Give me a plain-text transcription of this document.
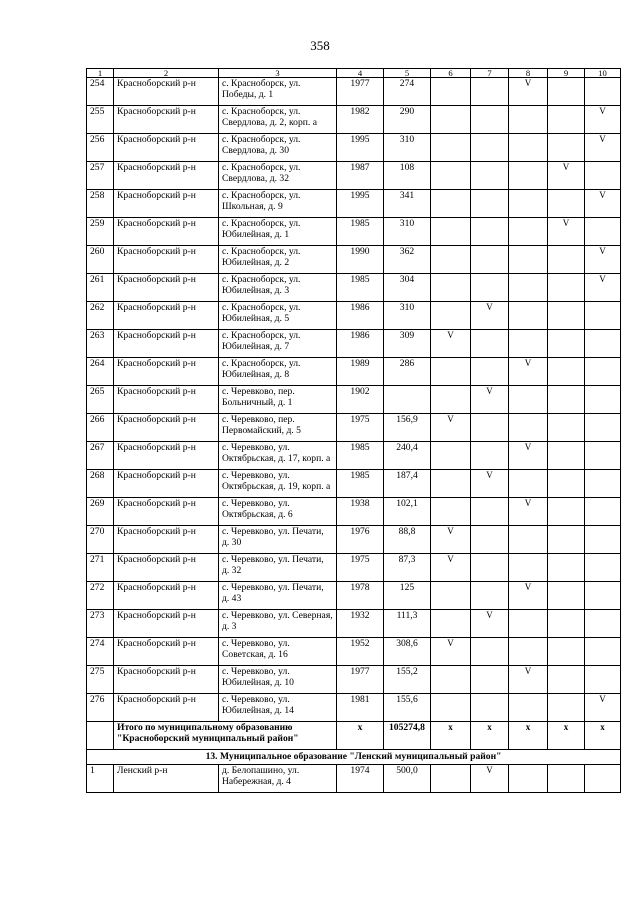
358
1	2	3	4	5	6	7	8	9	10
254	Красноборский р-н	с. Красноборск, ул. Победы, д. 1	1977	274			V		
255	Красноборский р-н	с. Красноборск, ул. Свердлова, д. 2, корп. а	1982	290					V
256	Красноборский р-н	с. Красноборск, ул. Свердлова, д. 30	1995	310					V
257	Красноборский р-н	с. Красноборск, ул. Свердлова, д. 32	1987	108				V	
258	Красноборский р-н	с. Красноборск, ул. Школьная, д. 9	1995	341					V
259	Красноборский р-н	с. Красноборск, ул. Юбилейная, д. 1	1985	310				V	
260	Красноборский р-н	с. Красноборск, ул. Юбилейная, д. 2	1990	362					V
261	Красноборский р-н	с. Красноборск, ул. Юбилейная, д. 3	1985	304					V
262	Красноборский р-н	с. Красноборск, ул. Юбилейная, д. 5	1986	310		V			
263	Красноборский р-н	с. Красноборск, ул. Юбилейная, д. 7	1986	309	V				
264	Красноборский р-н	с. Красноборск, ул. Юбилейная, д. 8	1989	286			V		
265	Красноборский р-н	с. Черевково, пер. Больничный, д. 1	1902			V			
266	Красноборский р-н	с. Черевково, пер. Первомайский, д. 5	1975	156,9	V				
267	Красноборский р-н	с. Черевково, ул. Октябрьская, д. 17, корп. а	1985	240,4			V		
268	Красноборский р-н	с. Черевково, ул. Октябрьская, д. 19, корп. а	1985	187,4		V			
269	Красноборский р-н	с. Черевково, ул. Октябрьская, д. 6	1938	102,1			V		
270	Красноборский р-н	с. Черевково, ул. Печати, д. 30	1976	88,8	V				
271	Красноборский р-н	с. Черевково, ул. Печати, д. 32	1975	87,3	V				
272	Красноборский р-н	с. Черевково, ул. Печати, д. 43	1978	125			V		
273	Красноборский р-н	с. Черевково, ул. Северная, д. 3	1932	111,3		V			
274	Красноборский р-н	с. Черевково, ул. Советская, д. 16	1952	308,6	V				
275	Красноборский р-н	с. Черевково, ул. Юбилейная, д. 10	1977	155,2			V		
276	Красноборский р-н	с. Черевково, ул. Юбилейная, д. 14	1981	155,6					V
	Итого по муниципальному образованию "Красноборский муниципальный район"		x	105274,8	x	x	x	x	x
13. Муниципальное образование "Ленский муниципальный район"									
1	Ленский р-н	д. Белопашино, ул. Набережная, д. 4	1974	500,0		V			
